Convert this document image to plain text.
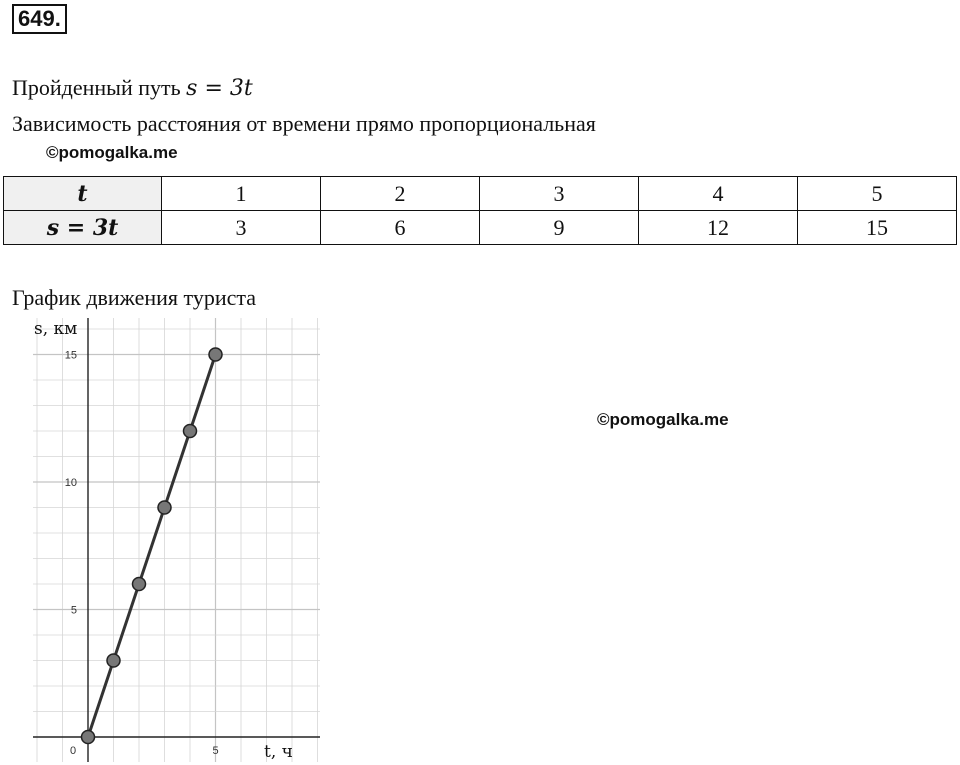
649.
Пройденный путь s = 3t
Зависимость расстояния от времени прямо пропорциональная
©pomogalka.me
t	1	2	3	4	5
s = 3t	3	6	9	12	15
График движения туриста
©pomogalka.me
0	5
5
10
15
s, км
t, ч
